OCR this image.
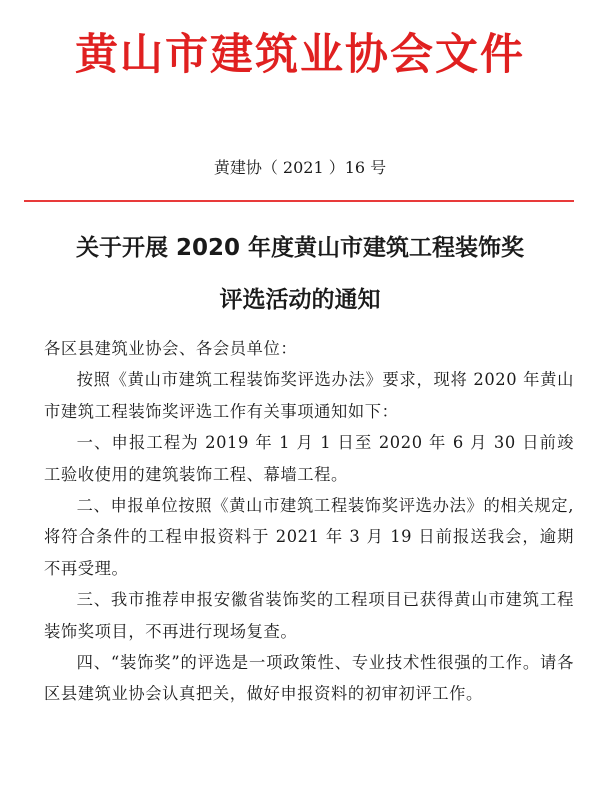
黄山市建筑业协会文件
黄建协（ 2021 ）16 号
关于开展 2020 年度黄山市建筑工程装饰奖
评选活动的通知

各区县建筑业协会、各会员单位：

按照《黄山市建筑工程装饰奖评选办法》要求，现将 2020 年黄山市建筑工程装饰奖评选工作有关事项通知如下：

一、申报工程为 2019 年 1 月 1 日至 2020 年 6 月 30 日前竣工验收使用的建筑装饰工程、幕墙工程。

二、申报单位按照《黄山市建筑工程装饰奖评选办法》的相关规定,将符合条件的工程申报资料于 2021 年 3 月 19 日前报送我会，逾期不再受理。

三、我市推荐申报安徽省装饰奖的工程项目已获得黄山市建筑工程装饰奖项目，不再进行现场复查。

四、“装饰奖”的评选是一项政策性、专业技术性很强的工作。请各区县建筑业协会认真把关，做好申报资料的初审初评工作。
